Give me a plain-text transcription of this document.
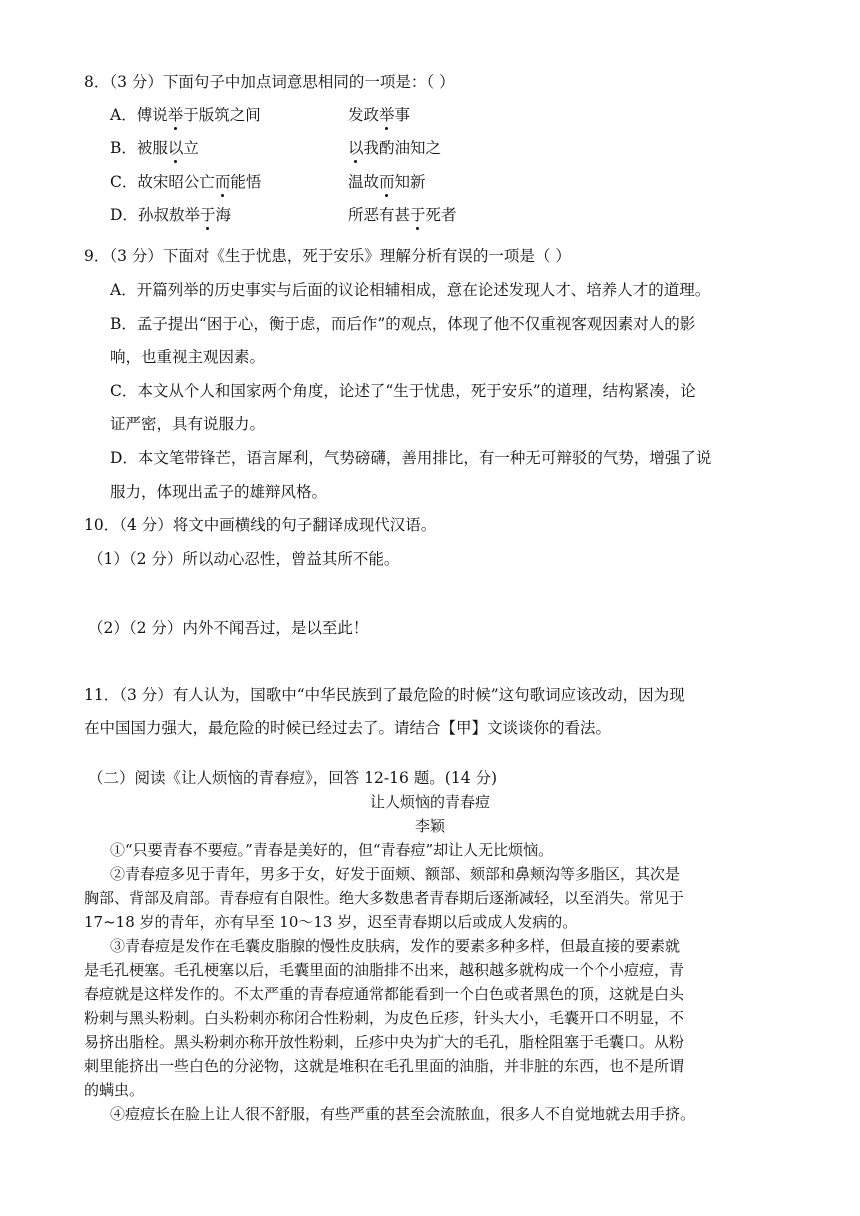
8．（3 分）下面句子中加点词意思相同的一项是：（ ）
A．傅说举于版筑之间	发政举事
B．被服以立	以我酌油知之
C．故宋昭公亡而能悟	温故而知新
D．孙叔敖举于海	所恶有甚于死者
9．（3 分）下面对《生于忧患，死于安乐》理解分析有误的一项是（ ）
A．开篇列举的历史事实与后面的议论相辅相成，意在论述发现人才、培养人才的道理。
B．孟子提出“困于心，衡于虑，而后作”的观点，体现了他不仅重视客观因素对人的影
响，也重视主观因素。
C．本文从个人和国家两个角度，论述了“生于忧患，死于安乐”的道理，结构紧凑，论
证严密，具有说服力。
D．本文笔带锋芒，语言犀利，气势磅礴，善用排比，有一种无可辩驳的气势，增强了说
服力，体现出孟子的雄辩风格。
10．（4 分）将文中画横线的句子翻译成现代汉语。
（1）（2 分）所以动心忍性，曾益其所不能。
（2）（2 分）内外不闻吾过，是以至此！
11．（3 分）有人认为，国歌中“中华民族到了最危险的时候”这句歌词应该改动，因为现
在中国国力强大，最危险的时候已经过去了。请结合【甲】文谈谈你的看法。
（二）阅读《让人烦恼的青春痘》，回答 12-16 题。(14 分)
让人烦恼的青春痘
李颖
①“只要青春不要痘。”青春是美好的，但“青春痘”却让人无比烦恼。
②青春痘多见于青年，男多于女，好发于面颊、额部、颏部和鼻颊沟等多脂区，其次是
胸部、背部及肩部。青春痘有自限性。绝大多数患者青春期后逐渐减轻，以至消失。常见于
17~18 岁的青年，亦有早至 10～13 岁，迟至青春期以后或成人发病的。
③青春痘是发作在毛囊皮脂腺的慢性皮肤病，发作的要素多种多样，但最直接的要素就
是毛孔梗塞。毛孔梗塞以后，毛囊里面的油脂排不出来，越积越多就构成一个个小痘痘，青
春痘就是这样发作的。不太严重的青春痘通常都能看到一个白色或者黑色的顶，这就是白头
粉刺与黑头粉刺。白头粉刺亦称闭合性粉刺，为皮色丘疹，针头大小，毛囊开口不明显，不
易挤出脂栓。黑头粉刺亦称开放性粉刺，丘疹中央为扩大的毛孔，脂栓阻塞于毛囊口。从粉
刺里能挤出一些白色的分泌物，这就是堆积在毛孔里面的油脂，并非脏的东西，也不是所谓
的螨虫。
④痘痘长在脸上让人很不舒服，有些严重的甚至会流脓血，很多人不自觉地就去用手挤。
